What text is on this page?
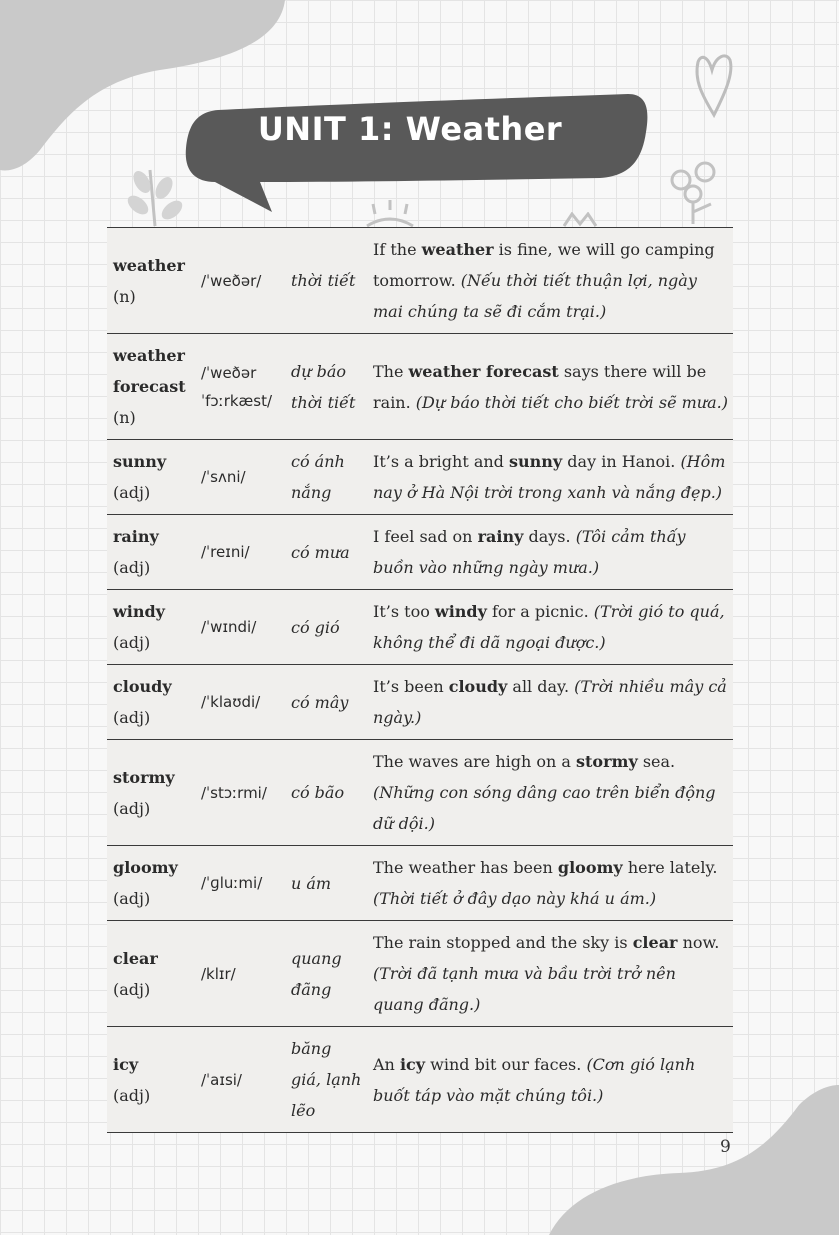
UNIT 1: Weather
weather
(n)	/ˈweðər/	thời tiết	If the weather is fine, we will go camping tomorrow. (Nếu thời tiết thuận lợi, ngày mai chúng ta sẽ đi cắm trại.)

weather forecast
(n)	/ˈweðər ˈfɔːrkæst/	dự báo thời tiết	The weather forecast says there will be rain. (Dự báo thời tiết cho biết trời sẽ mưa.)

sunny
(adj)	/ˈsʌni/	có ánh nắng	It’s a bright and sunny day in Hanoi. (Hôm nay ở Hà Nội trời trong xanh và nắng đẹp.)

rainy
(adj)	/ˈreɪni/	có mưa	I feel sad on rainy days. (Tôi cảm thấy buồn vào những ngày mưa.)

windy
(adj)	/ˈwɪndi/	có gió	It’s too windy for a picnic. (Trời gió to quá, không thể đi dã ngoại được.)

cloudy
(adj)	/ˈklaʊdi/	có mây	It’s been cloudy all day. (Trời nhiều mây cả ngày.)

stormy
(adj)	/ˈstɔːrmi/	có bão	The waves are high on a stormy sea. (Những con sóng dâng cao trên biển động dữ dội.)

gloomy
(adj)	/ˈɡluːmi/	u ám	The weather has been gloomy here lately. (Thời tiết ở đây dạo này khá u ám.)

clear
(adj)	/klɪr/	quang đãng	The rain stopped and the sky is clear now. (Trời đã tạnh mưa và bầu trời trở nên quang đãng.)

icy
(adj)	/ˈaɪsi/	băng giá, lạnh lẽo	An icy wind bit our faces. (Cơn gió lạnh buốt táp vào mặt chúng tôi.)
9
